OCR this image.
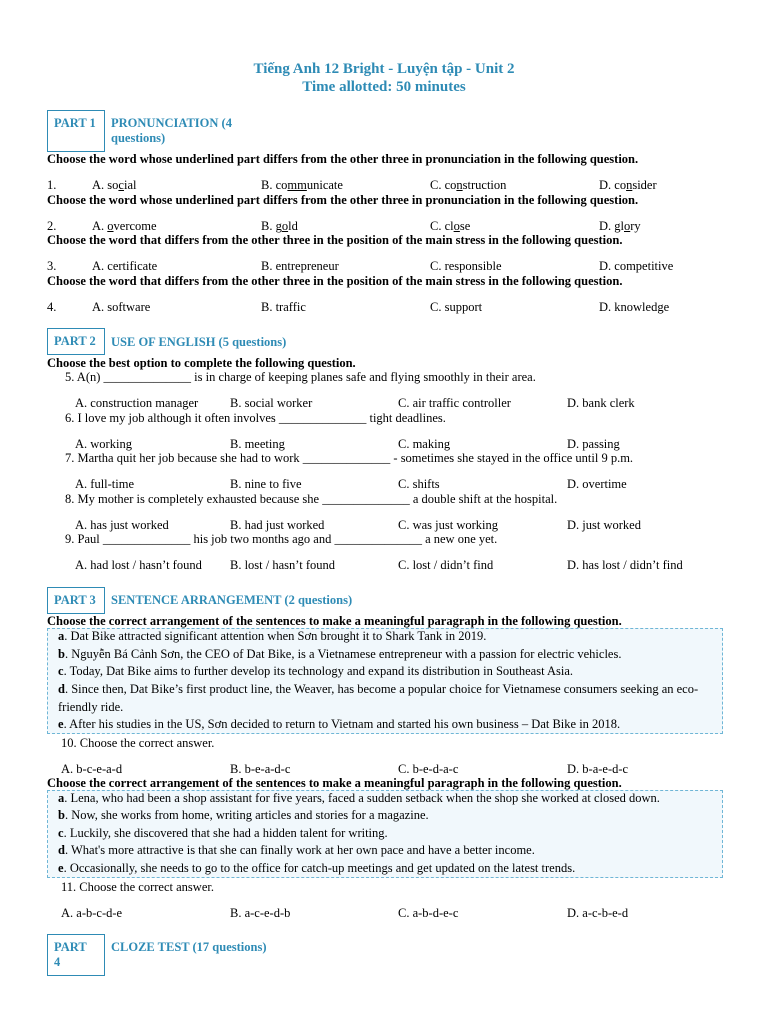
Tiếng Anh 12 Bright - Luyện tập - Unit 2
Time allotted: 50 minutes
PART 1	PRONUNCIATION (4 questions)
Choose the word whose underlined part differs from the other three in pronunciation in the following question.
1.	A. social	B. communicate	C. construction	D. consider
Choose the word whose underlined part differs from the other three in pronunciation in the following question.
2.	A. overcome	B. gold	C. close	D. glory
Choose the word that differs from the other three in the position of the main stress in the following question.
3.	A. certificate	B. entrepreneur	C. responsible	D. competitive
Choose the word that differs from the other three in the position of the main stress in the following question.
4.	A. software	B. traffic	C. support	D. knowledge
PART 2	USE OF ENGLISH (5 questions)
Choose the best option to complete the following question.
5. A(n) ______________ is in charge of keeping planes safe and flying smoothly in their area.
A. construction manager	B. social worker	C. air traffic controller	D. bank clerk
6. I love my job although it often involves ______________ tight deadlines.
A. working	B. meeting	C. making	D. passing
7. Martha quit her job because she had to work ______________ - sometimes she stayed in the office until 9 p.m.
A. full-time	B. nine to five	C. shifts	D. overtime
8. My mother is completely exhausted because she ______________ a double shift at the hospital.
A. has just worked	B. had just worked	C. was just working	D. just worked
9. Paul ______________ his job two months ago and ______________ a new one yet.
A. had lost / hasn’t found B. lost / hasn’t found	C. lost / didn’t find	D. has lost / didn’t find
PART 3	SENTENCE ARRANGEMENT (2 questions)
Choose the correct arrangement of the sentences to make a meaningful paragraph in the following question.
a. Dat Bike attracted significant attention when Sơn brought it to Shark Tank in 2019.
b. Nguyễn Bá Cảnh Sơn, the CEO of Dat Bike, is a Vietnamese entrepreneur with a passion for electric vehicles.
c. Today, Dat Bike aims to further develop its technology and expand its distribution in Southeast Asia.
d. Since then, Dat Bike’s first product line, the Weaver, has become a popular choice for Vietnamese consumers seeking an eco-friendly ride.
e. After his studies in the US, Sơn decided to return to Vietnam and started his own business – Dat Bike in 2018.
10. Choose the correct answer.
A. b-c-e-a-d	B. b-e-a-d-c	C. b-e-d-a-c	D. b-a-e-d-c
Choose the correct arrangement of the sentences to make a meaningful paragraph in the following question.
a. Lena, who had been a shop assistant for five years, faced a sudden setback when the shop she worked at closed down.
b. Now, she works from home, writing articles and stories for a magazine.
c. Luckily, she discovered that she had a hidden talent for writing.
d. What's more attractive is that she can finally work at her own pace and have a better income.
e. Occasionally, she needs to go to the office for catch-up meetings and get updated on the latest trends.
11. Choose the correct answer.
A. a-b-c-d-e	B. a-c-e-d-b	C. a-b-d-e-c	D. a-c-b-e-d
PART 4
CLOZE TEST (17 questions)
